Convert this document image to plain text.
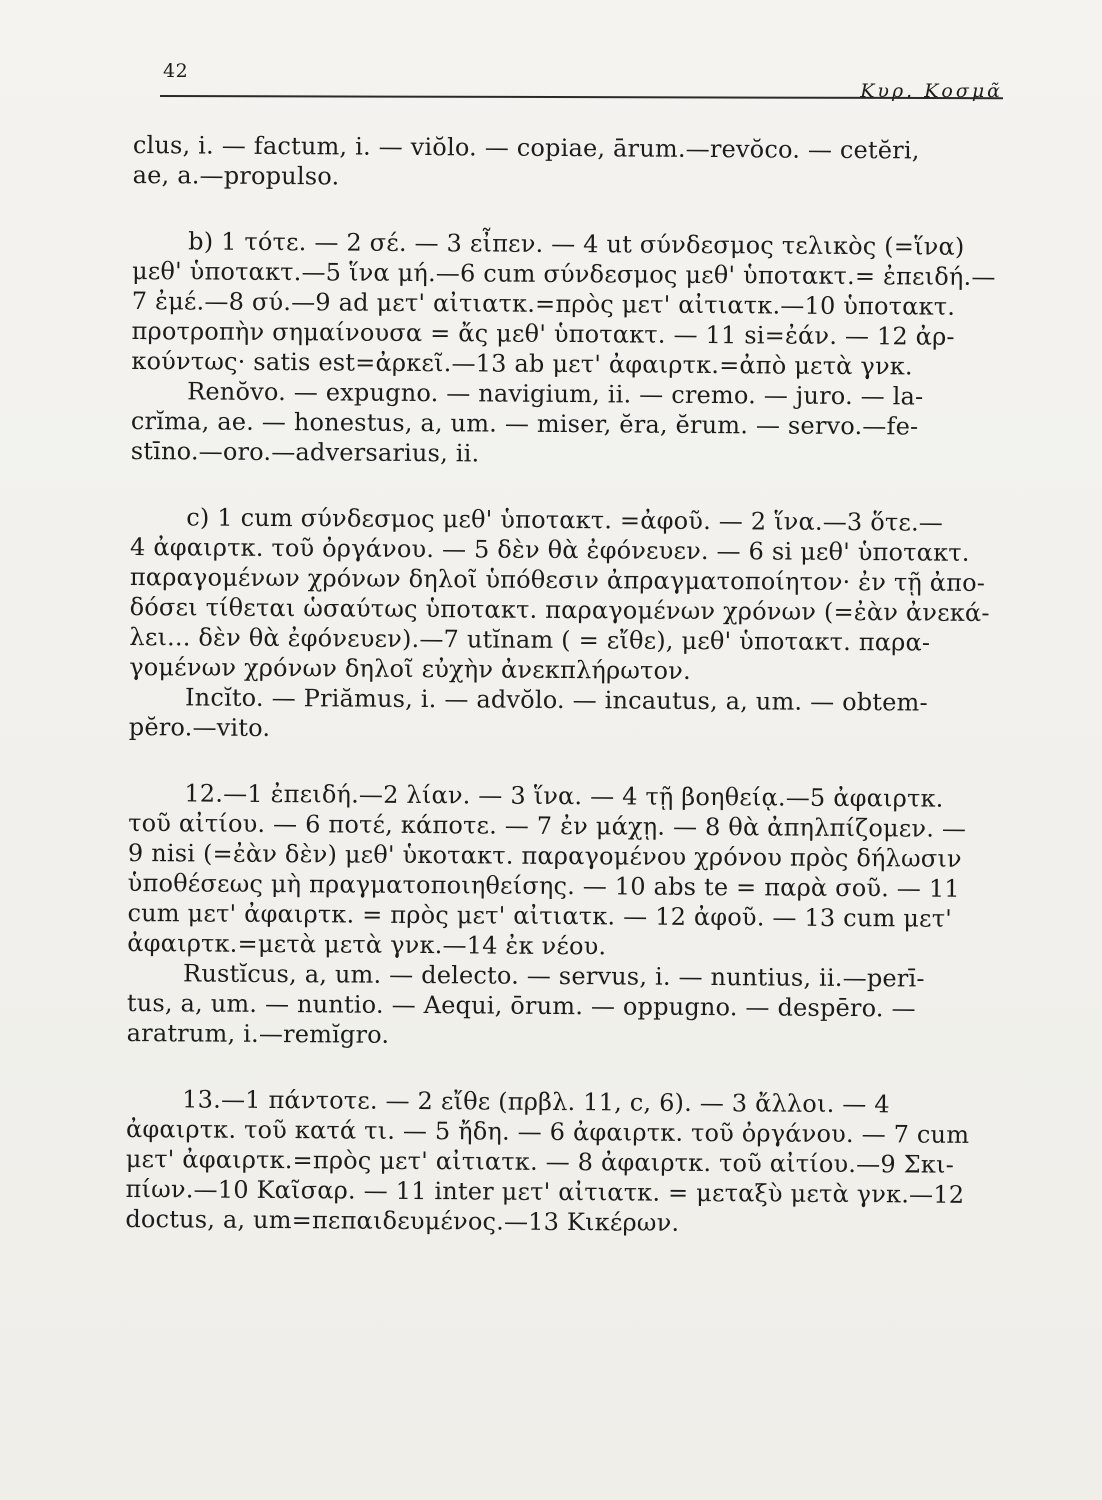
42
Κυρ. Κοσμᾶ
clus, i. — factum, i. — viŏlo. — copiae, ārum.—revŏco. — cetĕri,
ae, a.—propulso.
b) 1 τότε. — 2 σέ. — 3 εἶπεν. — 4 ut σύνδεσμος τελικὸς (=ἵνα)
μεθ' ὑποτακτ.—5 ἵνα μή.—6 cum σύνδεσμος μεθ' ὑποτακτ.= ἐπειδή.—
7 ἐμέ.—8 σύ.—9 ad μετ' αἰτιατκ.=πρὸς μετ' αἰτιατκ.—10 ὑποτακτ.
προτροπὴν σημαίνουσα = ἄς μεθ' ὑποτακτ. — 11 si=ἐάν. — 12 ἀρ-
κούντως· satis est=ἀρκεῖ.—13 ab μετ' ἀφαιρτκ.=ἀπὸ μετὰ γνκ.
Renŏvo. — expugno. — navigium, ii. — cremo. — juro. — la-
crĭma, ae. — honestus, a, um. — miser, ĕra, ĕrum. — servo.—fe-
stīno.—oro.—adversarius, ii.
c) 1 cum σύνδεσμος μεθ' ὑποτακτ. =ἀφοῦ. — 2 ἵνα.—3 ὅτε.—
4 ἀφαιρτκ. τοῦ ὀργάνου. — 5 δὲν θὰ ἐφόνευεν. — 6 si μεθ' ὑποτακτ.
παραγομένων χρόνων δηλοῖ ὑπόθεσιν ἀπραγματοποίητον· ἐν τῇ ἀπο-
δόσει τίθεται ὡσαύτως ὑποτακτ. παραγομένων χρόνων (=ἐὰν ἀνεκά-
λει... δὲν θὰ ἐφόνευεν).—7 utĭnam ( = εἴθε), μεθ' ὑποτακτ. παρα-
γομένων χρόνων δηλοῖ εὐχὴν ἀνεκπλήρωτον.
Incĭto. — Priămus, i. — advŏlo. — incautus, a, um. — obtem-
pĕro.—vito.
12.—1 ἐπειδή.—2 λίαν. — 3 ἵνα. — 4 τῇ βοηθείᾳ.—5 ἀφαιρτκ.
τοῦ αἰτίου. — 6 ποτέ, κάποτε. — 7 ἐν μάχῃ. — 8 θὰ ἀπηλπίζομεν. —
9 nisi (=ἐὰν δὲν) μεθ' ὑκοτακτ. παραγομένου χρόνου πρὸς δήλωσιν
ὑποθέσεως μὴ πραγματοποιηθείσης. — 10 abs te = παρὰ σοῦ. — 11
cum μετ' ἀφαιρτκ. = πρὸς μετ' αἰτιατκ. — 12 ἀφοῦ. — 13 cum μετ'
ἀφαιρτκ.=μετὰ μετὰ γνκ.—14 ἐκ νέου.
Rustĭcus, a, um. — delecto. — servus, i. — nuntius, ii.—perī-
tus, a, um. — nuntio. — Aequi, ōrum. — oppugno. — despēro. —
aratrum, i.—remĭgro.
13.—1 πάντοτε. — 2 εἴθε (πρβλ. 11, c, 6). — 3 ἄλλοι. — 4
ἀφαιρτκ. τοῦ κατά τι. — 5 ἤδη. — 6 ἀφαιρτκ. τοῦ ὀργάνου. — 7 cum
μετ' ἀφαιρτκ.=πρὸς μετ' αἰτιατκ. — 8 ἀφαιρτκ. τοῦ αἰτίου.—9 Σκι-
πίων.—10 Καῖσαρ. — 11 inter μετ' αἰτιατκ. = μεταξὺ μετὰ γνκ.—12
doctus, a, um=πεπαιδευμένος.—13 Κικέρων.
